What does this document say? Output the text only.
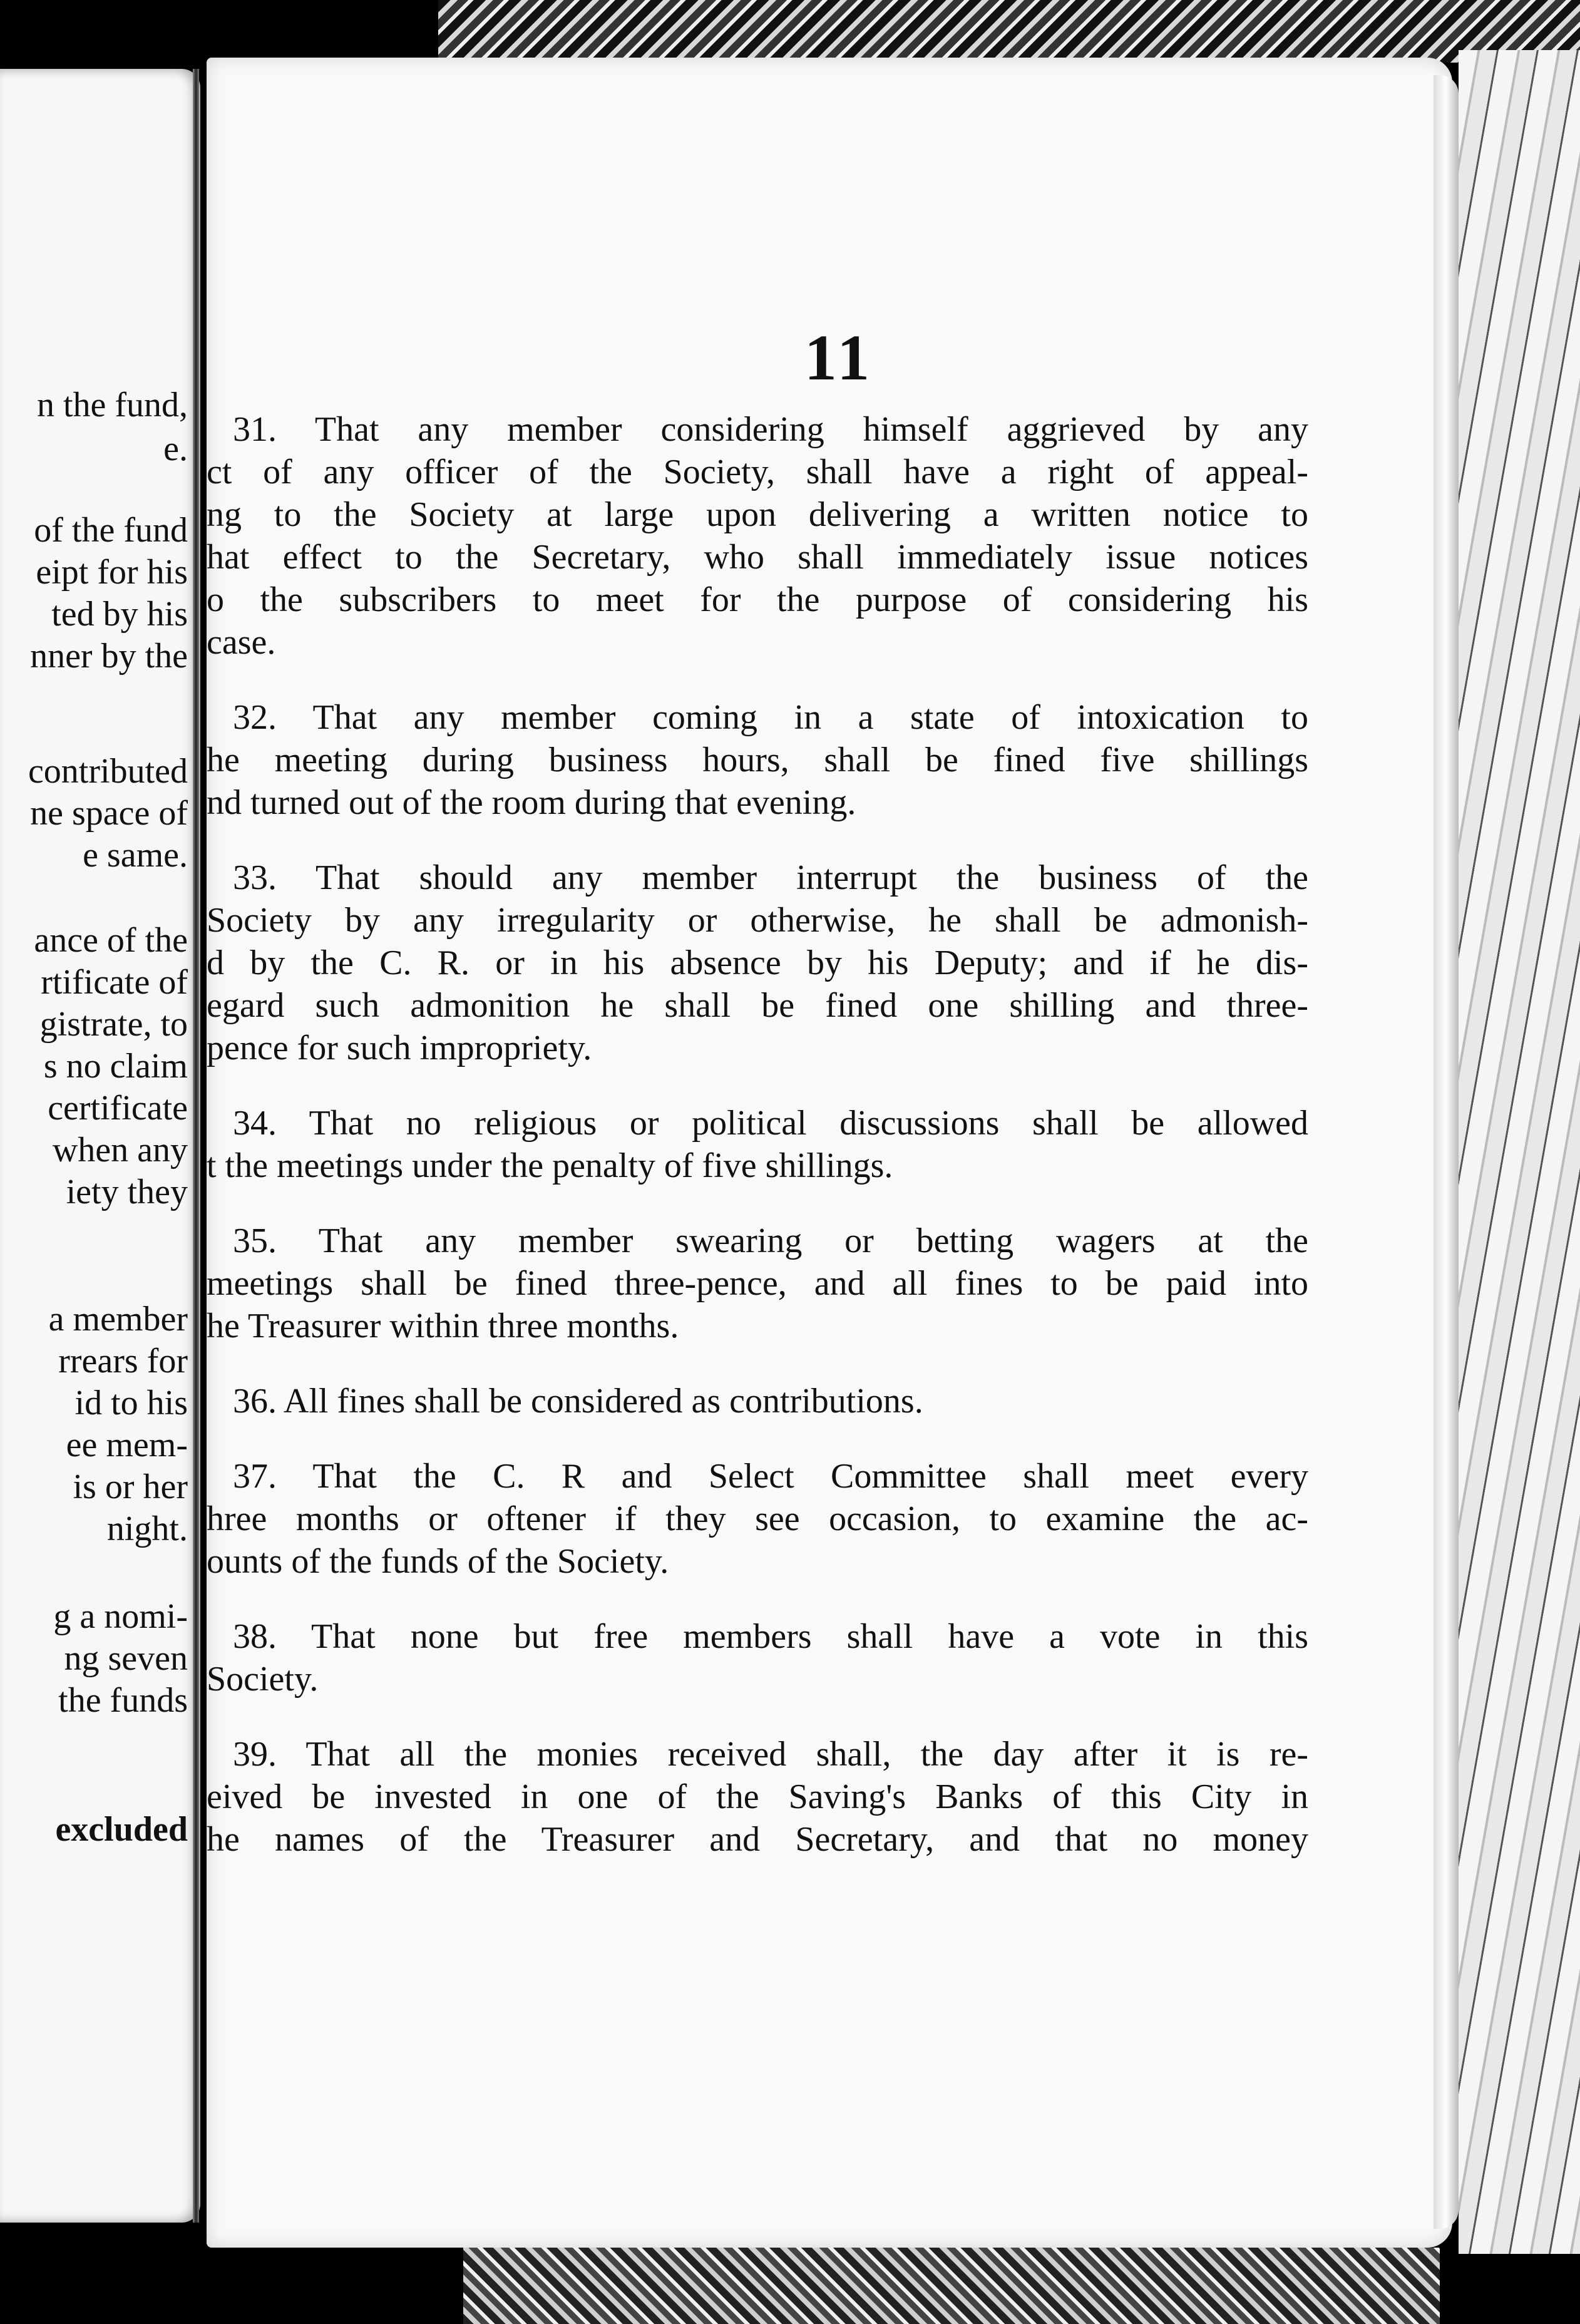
n the fund,
e.
of the fund
eipt for his
ted by his
nner by the
contributed
ne space of
e same.
ance of the
rtificate of
gistrate, to
s no claim
certificate
when any
iety they
a member
rrears for
id to his
ee mem-
is or her
night.
g a nomi-
ng seven
the funds
excluded
11
31. That any member considering himself aggrieved by any
ct of any officer of the Society, shall have a right of appeal-
ng to the Society at large upon delivering a written notice to
hat effect to the Secretary, who shall immediately issue notices
o the subscribers to meet for the purpose of considering his
case.
32. That any member coming in a state of intoxication to
he meeting during business hours, shall be fined five shillings
nd turned out of the room during that evening.
33. That should any member interrupt the business of the
Society by any irregularity or otherwise, he shall be admonish-
d by the C. R. or in his absence by his Deputy; and if he dis-
egard such admonition he shall be fined one shilling and three-
pence for such impropriety.
34. That no religious or political discussions shall be allowed
t the meetings under the penalty of five shillings.
35. That any member swearing or betting wagers at the
meetings shall be fined three-pence, and all fines to be paid into
he Treasurer within three months.
36. All fines shall be considered as contributions.
37. That the C. R and Select Committee shall meet every
hree months or oftener if they see occasion, to examine the ac-
ounts of the funds of the Society.
38. That none but free members shall have a vote in this
Society.
39. That all the monies received shall, the day after it is re-
eived be invested in one of the Saving's Banks of this City in
he names of the Treasurer and Secretary, and that no money
